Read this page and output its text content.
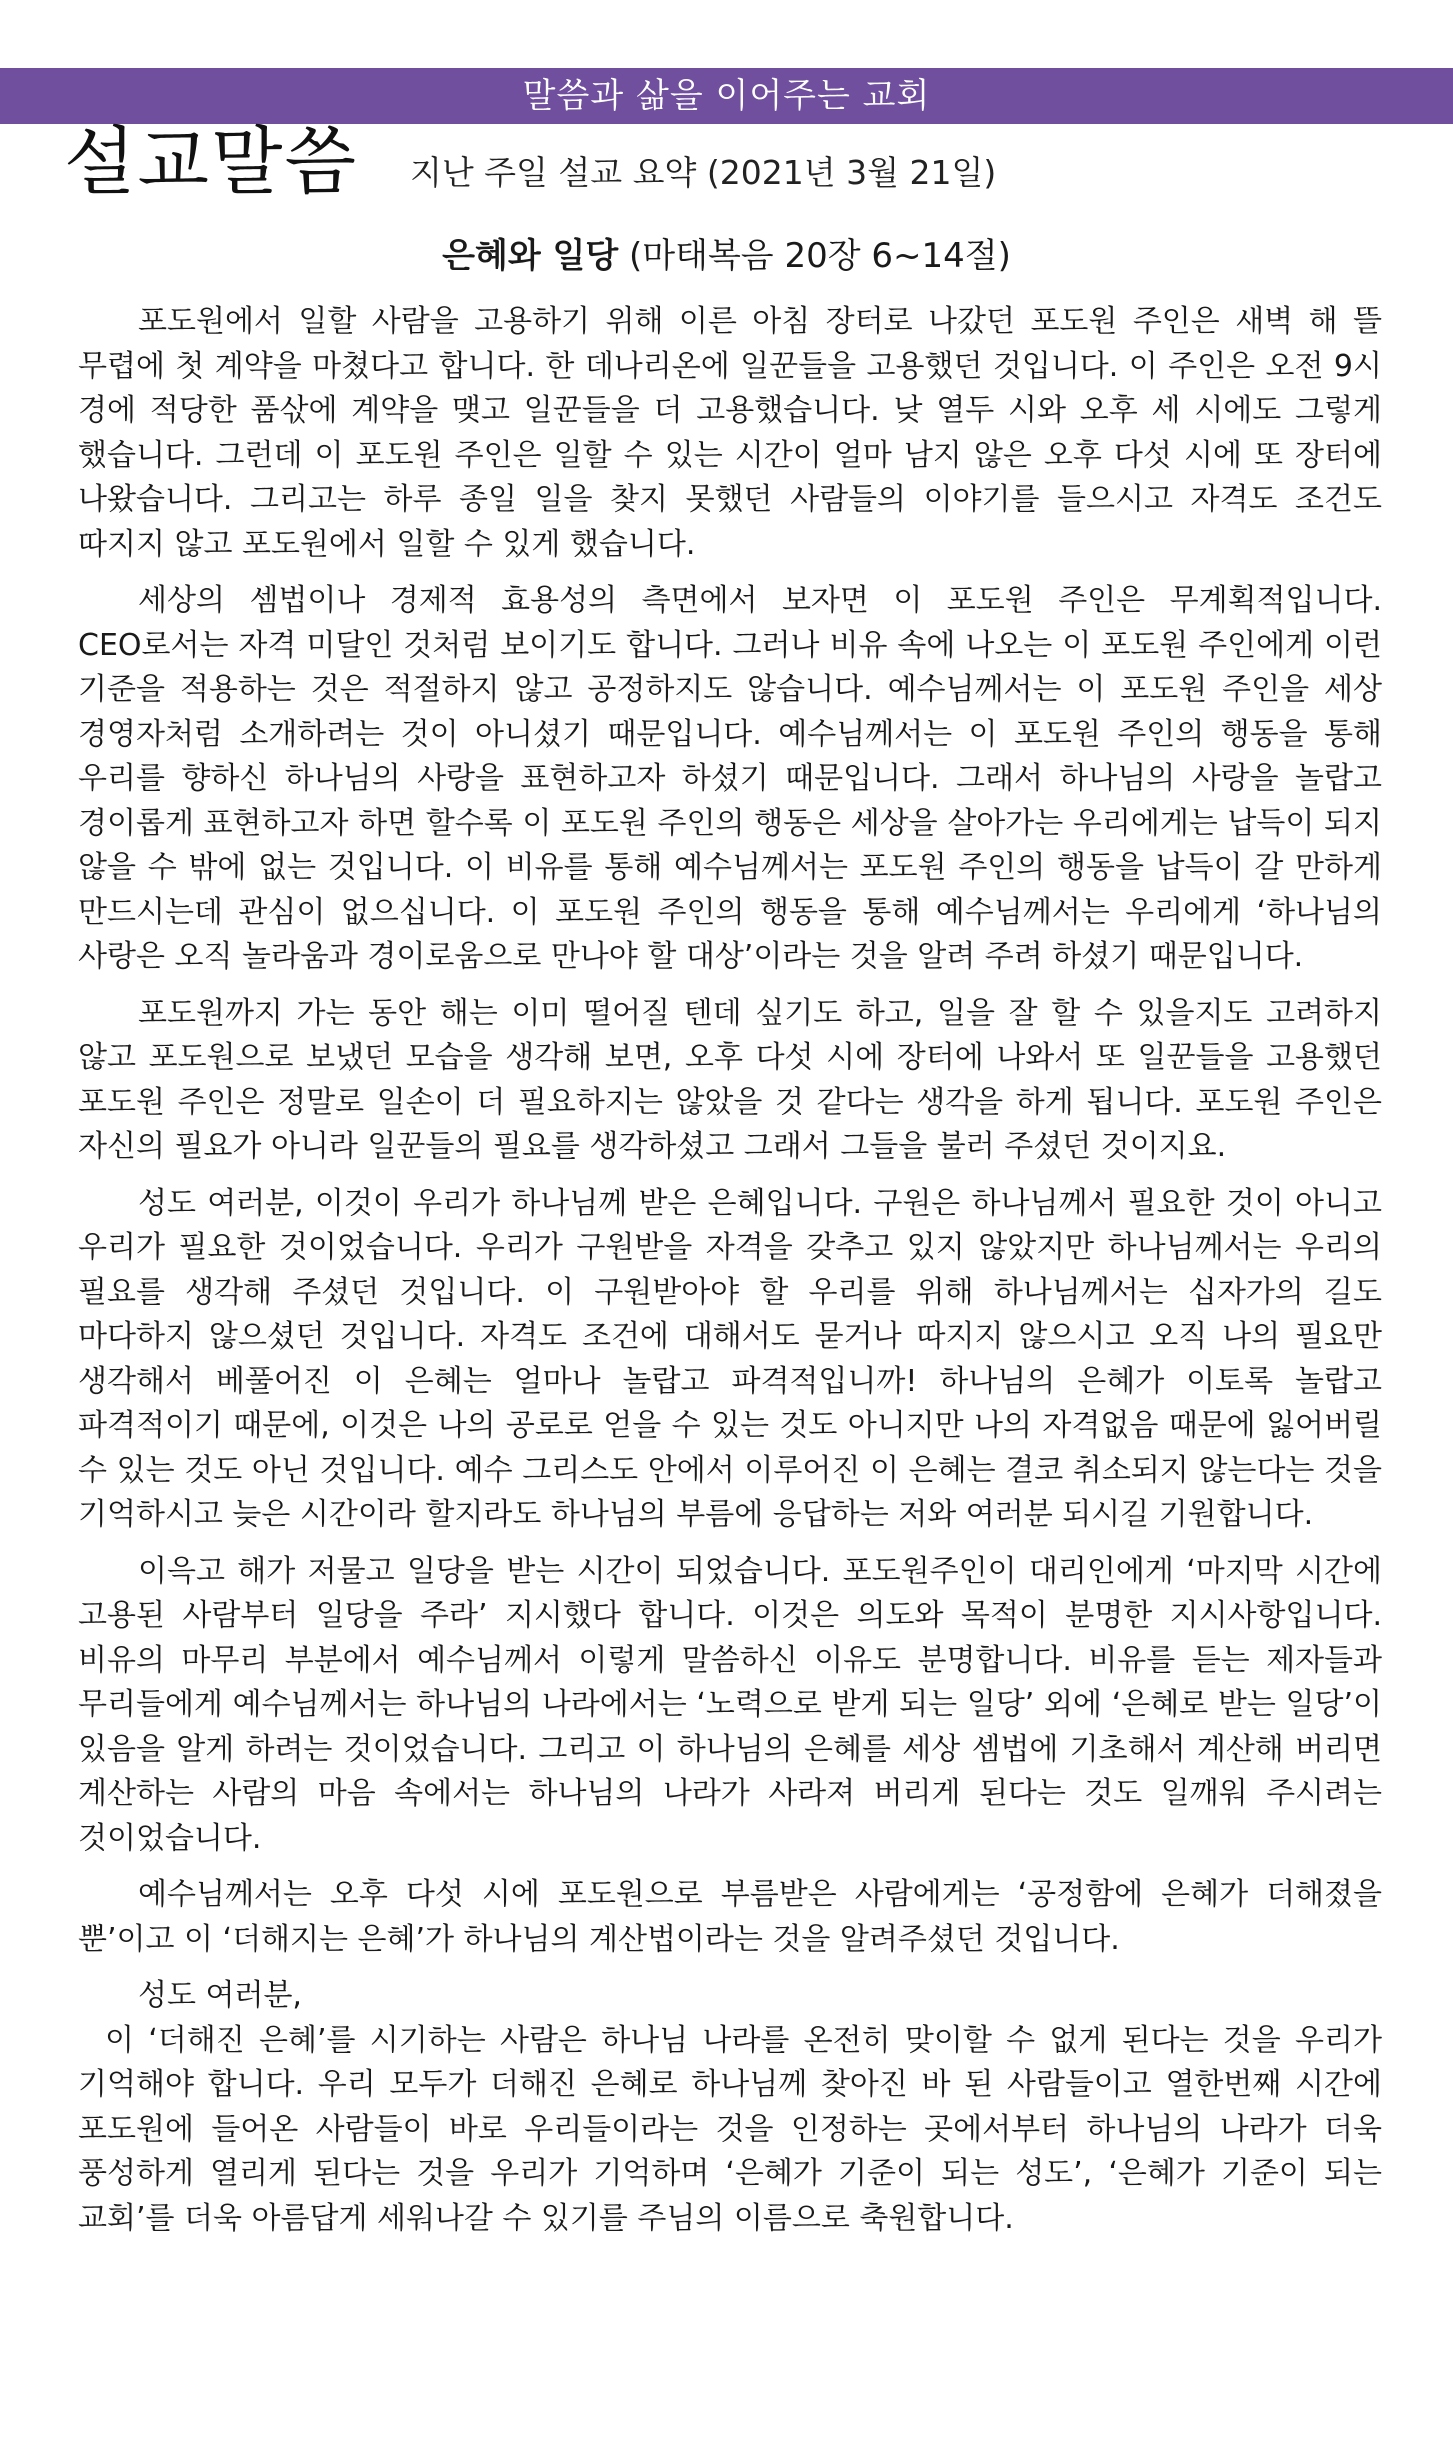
말씀과 삶을 이어주는 교회
설교말씀 지난 주일 설교 요약 (2021년 3월 21일)
은혜와 일당 (마태복음 20장 6~14절)

포도원에서 일할 사람을 고용하기 위해 이른 아침 장터로 나갔던 포도원 주인은 새벽 해 뜰 무렵에 첫 계약을 마쳤다고 합니다. 한 데나리온에 일꾼들을 고용했던 것입니다. 이 주인은 오전 9시 경에 적당한 품삯에 계약을 맺고 일꾼들을 더 고용했습니다. 낮 열두 시와 오후 세 시에도 그렇게 했습니다. 그런데 이 포도원 주인은 일할 수 있는 시간이 얼마 남지 않은 오후 다섯 시에 또 장터에 나왔습니다. 그리고는 하루 종일 일을 찾지 못했던 사람들의 이야기를 들으시고 자격도 조건도 따지지 않고 포도원에서 일할 수 있게 했습니다.

세상의 셈법이나 경제적 효용성의 측면에서 보자면 이 포도원 주인은 무계획적입니다. CEO로서는 자격 미달인 것처럼 보이기도 합니다. 그러나 비유 속에 나오는 이 포도원 주인에게 이런 기준을 적용하는 것은 적절하지 않고 공정하지도 않습니다. 예수님께서는 이 포도원 주인을 세상 경영자처럼 소개하려는 것이 아니셨기 때문입니다. 예수님께서는 이 포도원 주인의 행동을 통해 우리를 향하신 하나님의 사랑을 표현하고자 하셨기 때문입니다. 그래서 하나님의 사랑을 놀랍고 경이롭게 표현하고자 하면 할수록 이 포도원 주인의 행동은 세상을 살아가는 우리에게는 납득이 되지 않을 수 밖에 없는 것입니다. 이 비유를 통해 예수님께서는 포도원 주인의 행동을 납득이 갈 만하게 만드시는데 관심이 없으십니다. 이 포도원 주인의 행동을 통해 예수님께서는 우리에게 ‘하나님의 사랑은 오직 놀라움과 경이로움으로 만나야 할 대상’이라는 것을 알려 주려 하셨기 때문입니다.

포도원까지 가는 동안 해는 이미 떨어질 텐데 싶기도 하고, 일을 잘 할 수 있을지도 고려하지 않고 포도원으로 보냈던 모습을 생각해 보면, 오후 다섯 시에 장터에 나와서 또 일꾼들을 고용했던 포도원 주인은 정말로 일손이 더 필요하지는 않았을 것 같다는 생각을 하게 됩니다. 포도원 주인은 자신의 필요가 아니라 일꾼들의 필요를 생각하셨고 그래서 그들을 불러 주셨던 것이지요.

성도 여러분, 이것이 우리가 하나님께 받은 은혜입니다. 구원은 하나님께서 필요한 것이 아니고 우리가 필요한 것이었습니다. 우리가 구원받을 자격을 갖추고 있지 않았지만 하나님께서는 우리의 필요를 생각해 주셨던 것입니다. 이 구원받아야 할 우리를 위해 하나님께서는 십자가의 길도 마다하지 않으셨던 것입니다. 자격도 조건에 대해서도 묻거나 따지지 않으시고 오직 나의 필요만 생각해서 베풀어진 이 은혜는 얼마나 놀랍고 파격적입니까! 하나님의 은혜가 이토록 놀랍고 파격적이기 때문에, 이것은 나의 공로로 얻을 수 있는 것도 아니지만 나의 자격없음 때문에 잃어버릴 수 있는 것도 아닌 것입니다. 예수 그리스도 안에서 이루어진 이 은혜는 결코 취소되지 않는다는 것을 기억하시고 늦은 시간이라 할지라도 하나님의 부름에 응답하는 저와 여러분 되시길 기원합니다.

이윽고 해가 저물고 일당을 받는 시간이 되었습니다. 포도원주인이 대리인에게 ‘마지막 시간에 고용된 사람부터 일당을 주라’ 지시했다 합니다. 이것은 의도와 목적이 분명한 지시사항입니다. 비유의 마무리 부분에서 예수님께서 이렇게 말씀하신 이유도 분명합니다. 비유를 듣는 제자들과 무리들에게 예수님께서는 하나님의 나라에서는 ‘노력으로 받게 되는 일당’ 외에 ‘은혜로 받는 일당’이 있음을 알게 하려는 것이었습니다. 그리고 이 하나님의 은혜를 세상 셈법에 기초해서 계산해 버리면 계산하는 사람의 마음 속에서는 하나님의 나라가 사라져 버리게 된다는 것도 일깨워 주시려는 것이었습니다.

예수님께서는 오후 다섯 시에 포도원으로 부름받은 사람에게는 ‘공정함에 은혜가 더해졌을 뿐’이고 이 ‘더해지는 은혜’가 하나님의 계산법이라는 것을 알려주셨던 것입니다.

성도 여러분,

이 ‘더해진 은혜’를 시기하는 사람은 하나님 나라를 온전히 맞이할 수 없게 된다는 것을 우리가 기억해야 합니다. 우리 모두가 더해진 은혜로 하나님께 찾아진 바 된 사람들이고 열한번째 시간에 포도원에 들어온 사람들이 바로 우리들이라는 것을 인정하는 곳에서부터 하나님의 나라가 더욱 풍성하게 열리게 된다는 것을 우리가 기억하며 ‘은혜가 기준이 되는 성도’, ‘은혜가 기준이 되는 교회’를 더욱 아름답게 세워나갈 수 있기를 주님의 이름으로 축원합니다.
